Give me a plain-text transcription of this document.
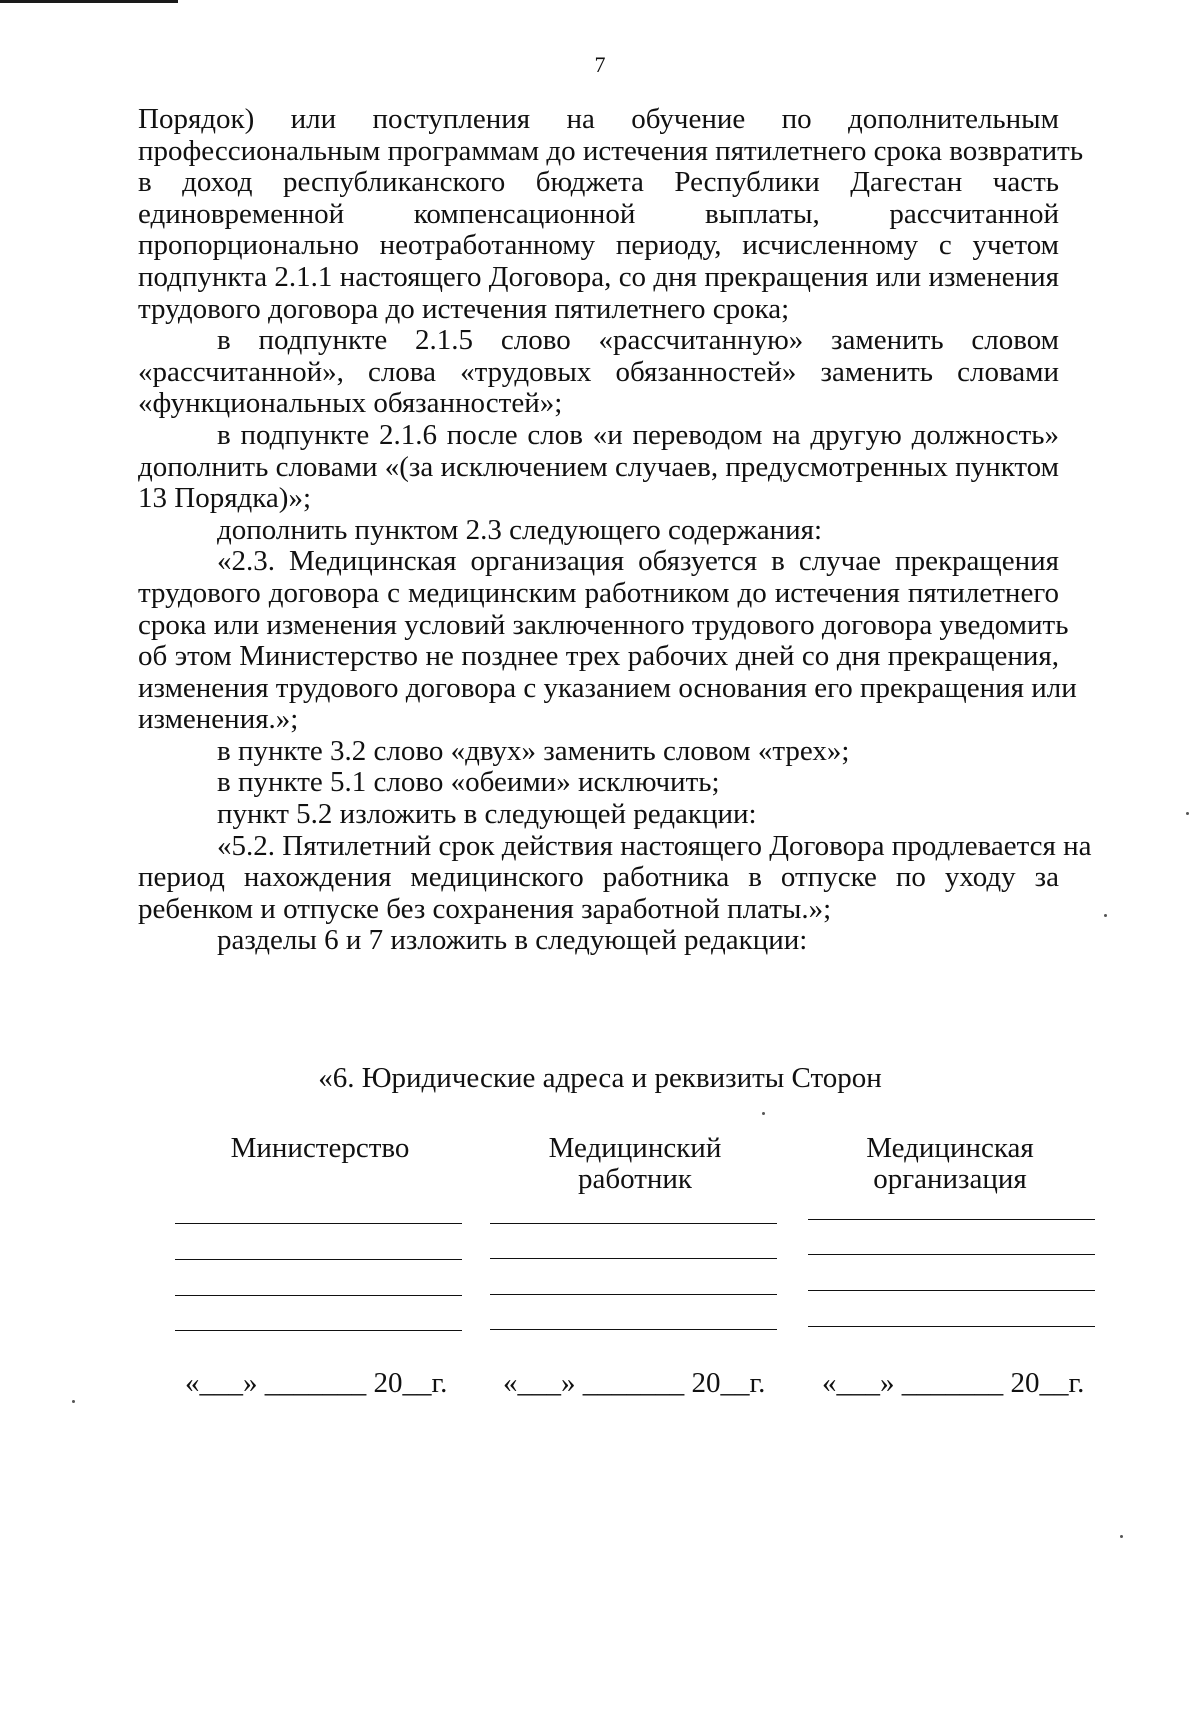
7

Порядок) или поступления на обучение по дополнительным

профессиональным программам до истечения пятилетнего срока возвратить

в доход республиканского бюджета Республики Дагестан часть

единовременной компенсационной выплаты, рассчитанной

пропорционально неотработанному периоду, исчисленному с учетом

подпункта 2.1.1 настоящего Договора, со дня прекращения или изменения

трудового договора до истечения пятилетнего срока;

в подпункте 2.1.5 слово «рассчитанную» заменить словом

«рассчитанной», слова «трудовых обязанностей» заменить словами

«функциональных обязанностей»;

в подпункте 2.1.6 после слов «и переводом на другую должность»

дополнить словами «(за исключением случаев, предусмотренных пунктом

13 Порядка)»;

дополнить пунктом 2.3 следующего содержания:

«2.3. Медицинская организация обязуется в случае прекращения

трудового договора с медицинским работником до истечения пятилетнего

срока или изменения условий заключенного трудового договора уведомить

об этом Министерство не позднее трех рабочих дней со дня прекращения,

изменения трудового договора с указанием основания его прекращения или

изменения.»;

в пункте 3.2 слово «двух» заменить словом «трех»;

в пункте 5.1 слово «обеими» исключить;

пункт 5.2 изложить в следующей редакции:

«5.2. Пятилетний срок действия настоящего Договора продлевается на

период нахождения медицинского работника в отпуске по уходу за

ребенком и отпуске без сохранения заработной платы.»;

разделы 6 и 7 изложить в следующей редакции:

«6. Юридические адреса и реквизиты Сторон
Министерство	Медицинский
работник
Медицинская
организация
«___» _______ 20__г. «___» _______ 20__г. «___» _______ 20__г.
